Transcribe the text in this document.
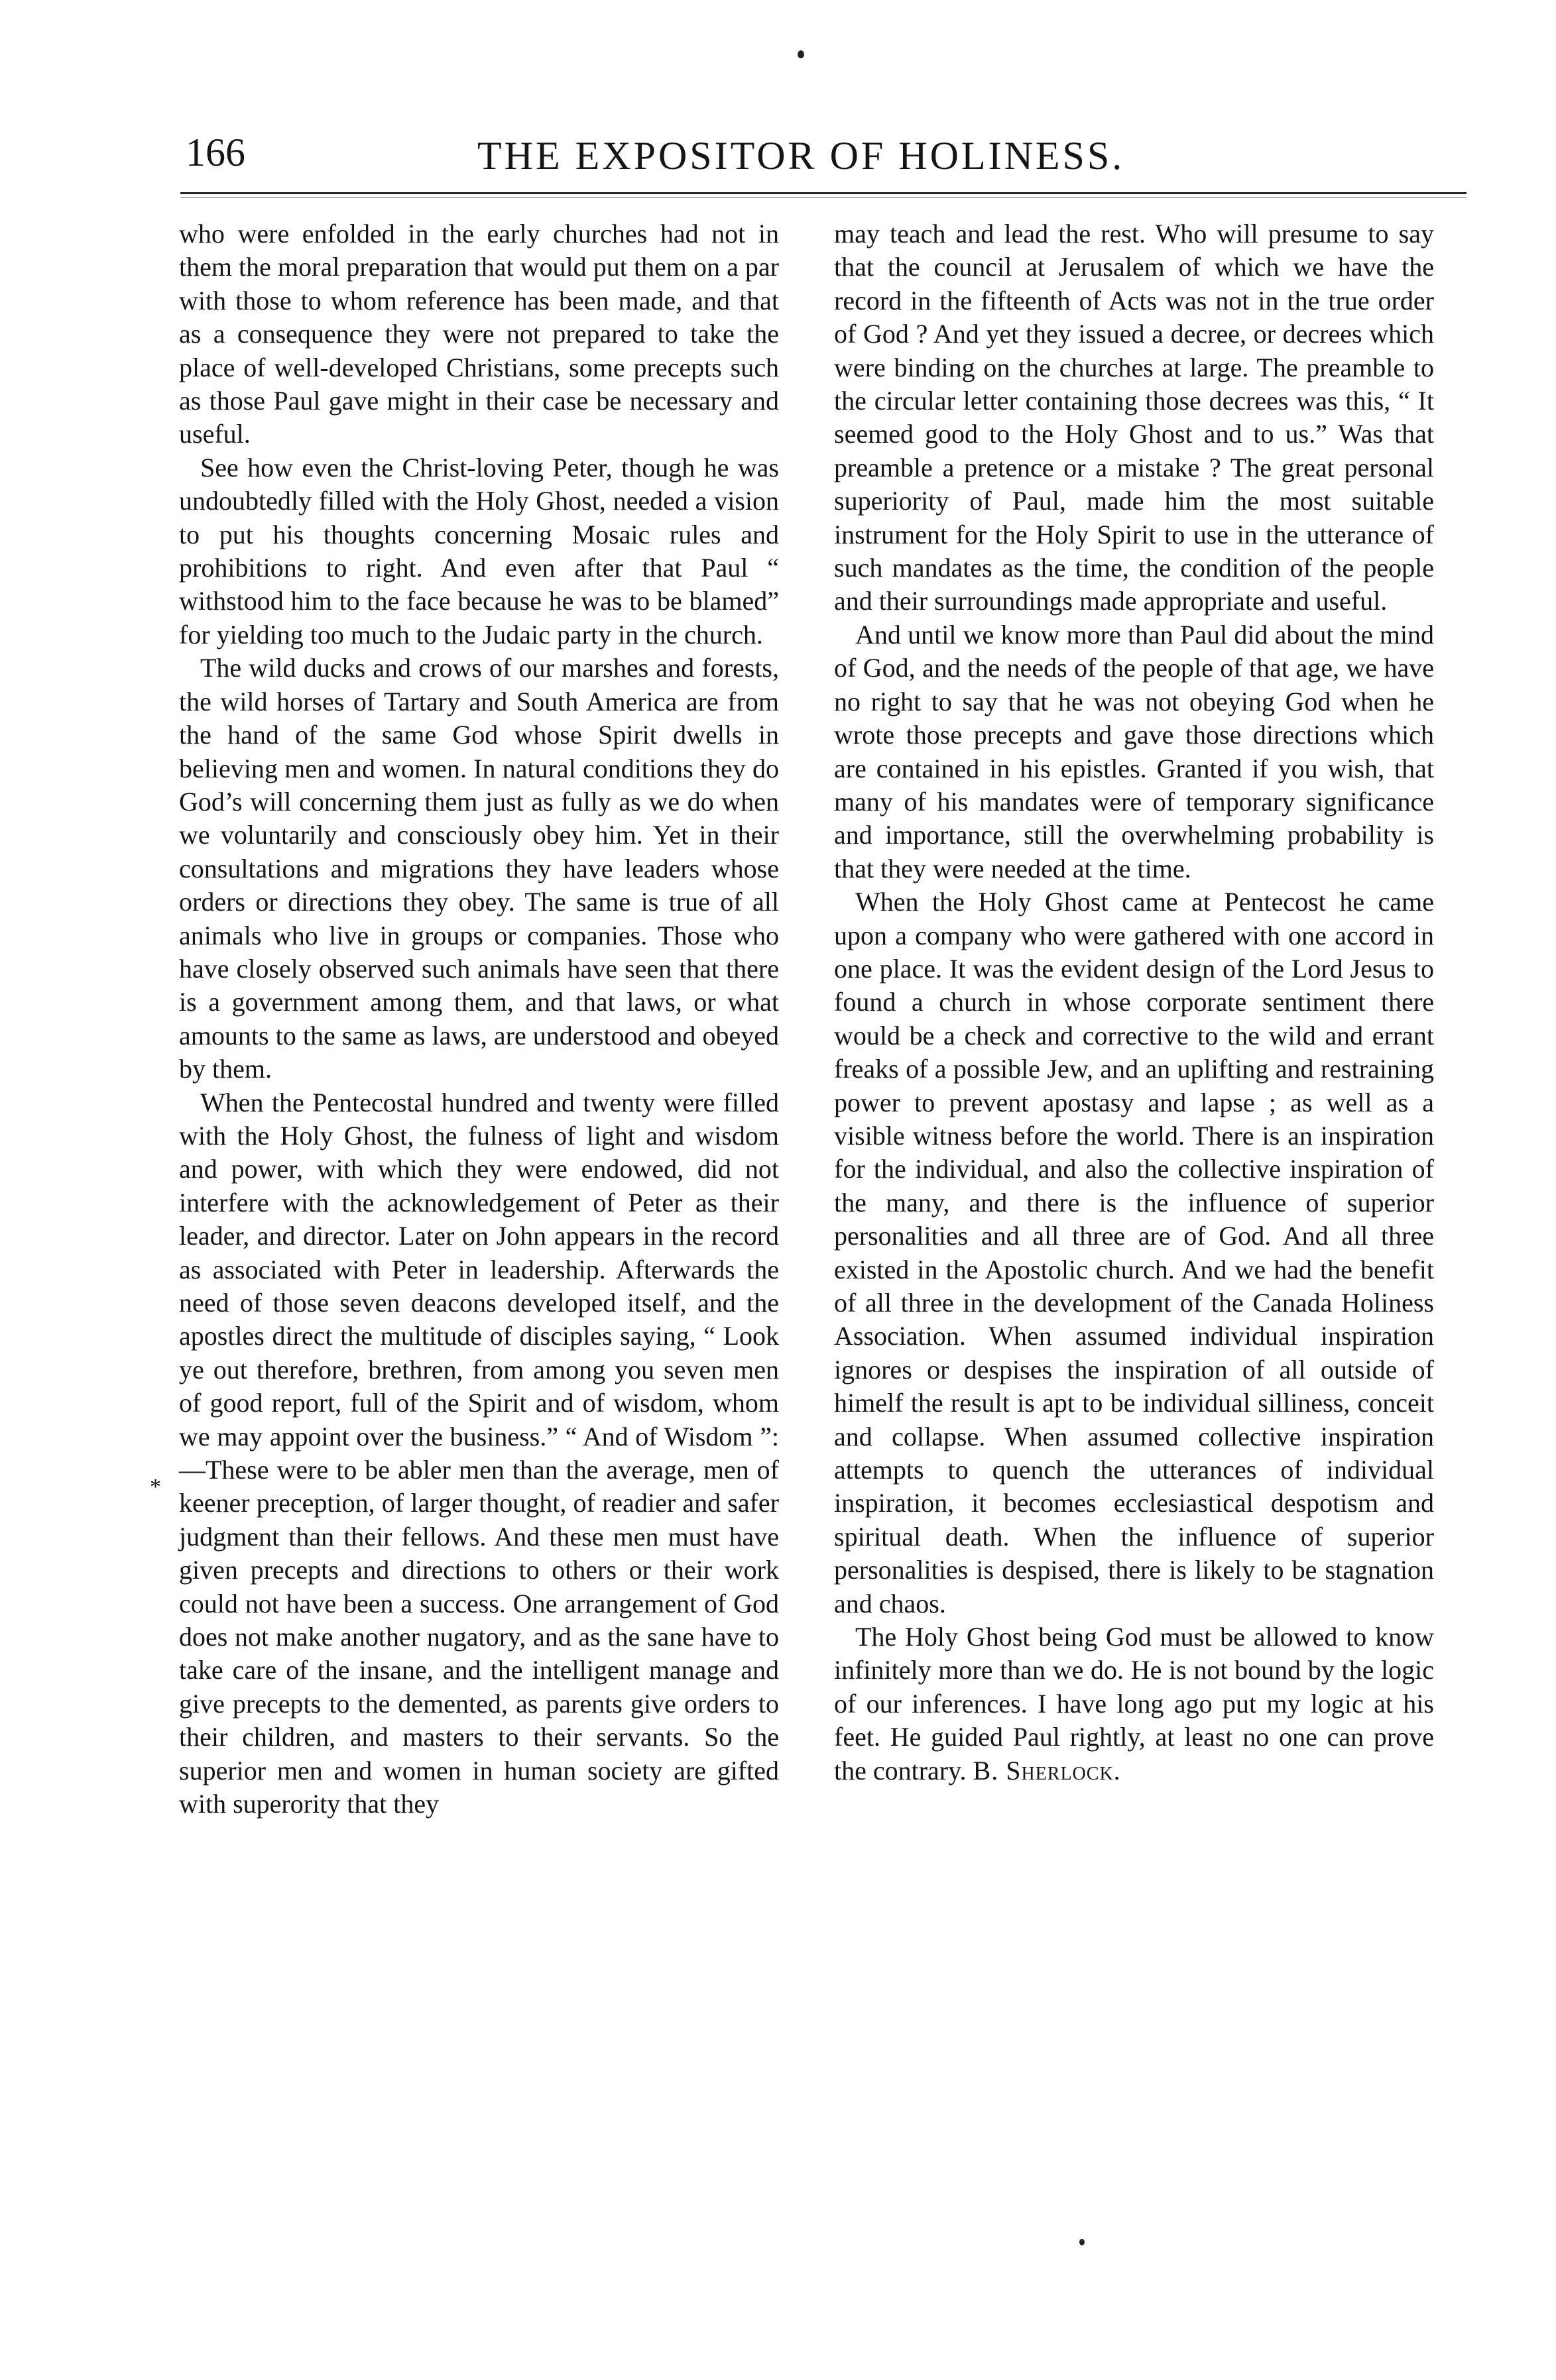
166	THE EXPOSITOR OF HOLINESS.

who were enfolded in the early churches had not in them the moral preparation that would put them on a par with those to whom reference has been made, and that as a consequence they were not prepared to take the place of well-developed Christians, some precepts such as those Paul gave might in their case be necessary and useful.

See how even the Christ-loving Peter, though he was undoubtedly filled with the Holy Ghost, needed a vision to put his thoughts concerning Mosaic rules and prohibitions to right. And even after that Paul “ withstood him to the face because he was to be blamed” for yielding too much to the Judaic party in the church.

The wild ducks and crows of our marshes and forests, the wild horses of Tartary and South America are from the hand of the same God whose Spirit dwells in believing men and women. In natural conditions they do God’s will concerning them just as fully as we do when we voluntarily and consciously obey him. Yet in their consultations and migrations they have leaders whose orders or directions they obey. The same is true of all animals who live in groups or companies. Those who have closely observed such animals have seen that there is a government among them, and that laws, or what amounts to the same as laws, are understood and obeyed by them.

When the Pentecostal hundred and twenty were filled with the Holy Ghost, the fulness of light and wisdom and power, with which they were endowed, did not interfere with the acknowledgement of Peter as their leader, and director. Later on John appears in the record as associated with Peter in leadership. Afterwards the need of those seven deacons developed itself, and the apostles direct the multitude of disciples saying, “ Look ye out therefore, brethren, from among you seven men of good report, full of the Spirit and of wisdom, whom we may appoint over the business.” “ And of Wisdom ”:—These were to be abler men than the average, men of keener preception, of larger thought, of readier and safer judgment than their fellows. And these men must have given precepts and directions to others or their work could not have been a success. One arrangement of God does not make another nugatory, and as the sane have to take care of the insane, and the intelligent manage and give precepts to the demented, as parents give orders to their children, and masters to their servants. So the superior men and women in human society are gifted with superority that they

*

may teach and lead the rest. Who will presume to say that the council at Jerusalem of which we have the record in the fifteenth of Acts was not in the true order of God ? And yet they issued a decree, or decrees which were binding on the churches at large. The preamble to the circular letter containing those decrees was this, “ It seemed good to the Holy Ghost and to us.” Was that preamble a pretence or a mistake ? The great personal superiority of Paul, made him the most suitable instrument for the Holy Spirit to use in the utterance of such mandates as the time, the condition of the people and their surroundings made appropriate and useful.

And until we know more than Paul did about the mind of God, and the needs of the people of that age, we have no right to say that he was not obeying God when he wrote those precepts and gave those directions which are contained in his epistles. Granted if you wish, that many of his mandates were of temporary significance and importance, still the overwhelming probability is that they were needed at the time.

When the Holy Ghost came at Pentecost he came upon a company who were gathered with one accord in one place. It was the evident design of the Lord Jesus to found a church in whose corporate sentiment there would be a check and corrective to the wild and errant freaks of a possible Jew, and an uplifting and restraining power to prevent apostasy and lapse ; as well as a visible witness before the world. There is an inspiration for the individual, and also the collective inspiration of the many, and there is the influence of superior personalities and all three are of God. And all three existed in the Apostolic church. And we had the benefit of all three in the development of the Canada Holiness Association. When assumed individual inspiration ignores or despises the inspiration of all outside of himelf the result is apt to be individual silliness, conceit and collapse. When assumed collective inspiration attempts to quench the utterances of individual inspiration, it becomes ecclesiastical despotism and spiritual death. When the influence of superior personalities is despised, there is likely to be stagnation and chaos.

The Holy Ghost being God must be allowed to know infinitely more than we do. He is not bound by the logic of our inferences. I have long ago put my logic at his feet. He guided Paul rightly, at least no one can prove the contrary. B. Sherlock.
